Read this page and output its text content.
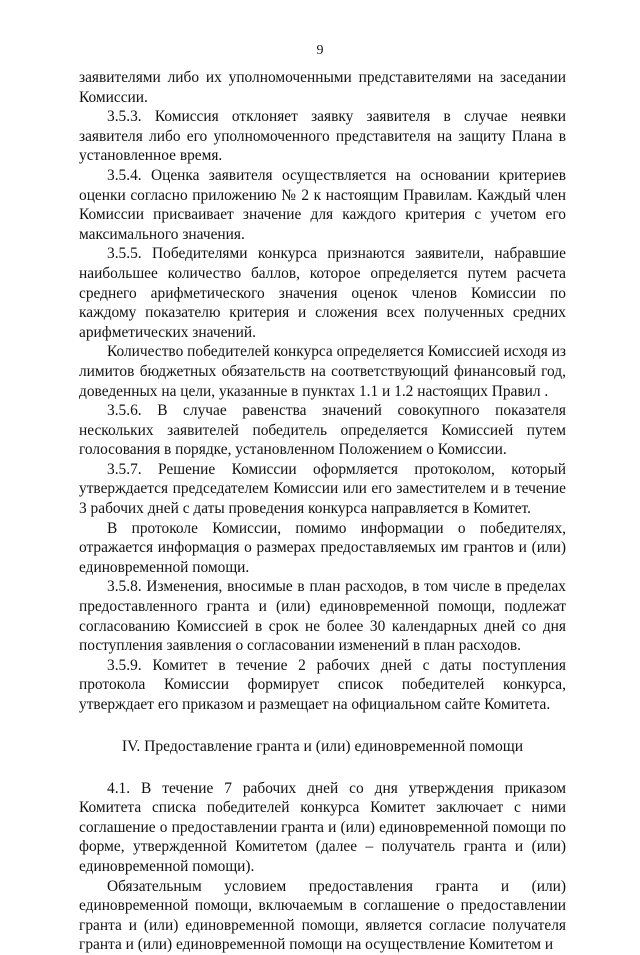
9

заявителями либо их уполномоченными представителями на заседании Комиссии.

3.5.3. Комиссия отклоняет заявку заявителя в случае неявки заявителя либо его уполномоченного представителя на защиту Плана в установленное время.

3.5.4. Оценка заявителя осуществляется на основании критериев оценки согласно приложению № 2 к настоящим Правилам. Каждый член Комиссии присваивает значение для каждого критерия с учетом его максимального значения.

3.5.5. Победителями конкурса признаются заявители, набравшие наибольшее количество баллов, которое определяется путем расчета среднего арифметического значения оценок членов Комиссии по каждому показателю критерия и сложения всех полученных средних арифметических значений.

Количество победителей конкурса определяется Комиссией исходя из лимитов бюджетных обязательств на соответствующий финансовый год, доведенных на цели, указанные в пунктах 1.1 и 1.2 настоящих Правил .

3.5.6. В случае равенства значений совокупного показателя нескольких заявителей победитель определяется Комиссией путем голосования в порядке, установленном Положением о Комиссии.

3.5.7. Решение Комиссии оформляется протоколом, который утверждается председателем Комиссии или его заместителем и в течение 3 рабочих дней с даты проведения конкурса направляется в Комитет.

В протоколе Комиссии, помимо информации о победителях, отражается информация о размерах предоставляемых им грантов и (или) единовременной помощи.

3.5.8. Изменения, вносимые в план расходов, в том числе в пределах предоставленного гранта и (или) единовременной помощи, подлежат согласованию Комиссией в срок не более 30 календарных дней со дня поступления заявления о согласовании изменений в план расходов.

3.5.9. Комитет в течение 2 рабочих дней с даты поступления протокола Комиссии формирует список победителей конкурса, утверждает его приказом и размещает на официальном сайте Комитета.

IV. Предоставление гранта и (или) единовременной помощи

4.1. В течение 7 рабочих дней со дня утверждения приказом Комитета списка победителей конкурса Комитет заключает с ними соглашение о предоставлении гранта и (или) единовременной помощи по форме, утвержденной Комитетом (далее – получатель гранта и (или) единовременной помощи).

Обязательным условием предоставления гранта и (или) единовременной помощи, включаемым в соглашение о предоставлении гранта и (или) единовременной помощи, является согласие получателя гранта и (или) единовременной помощи на осуществление Комитетом и
